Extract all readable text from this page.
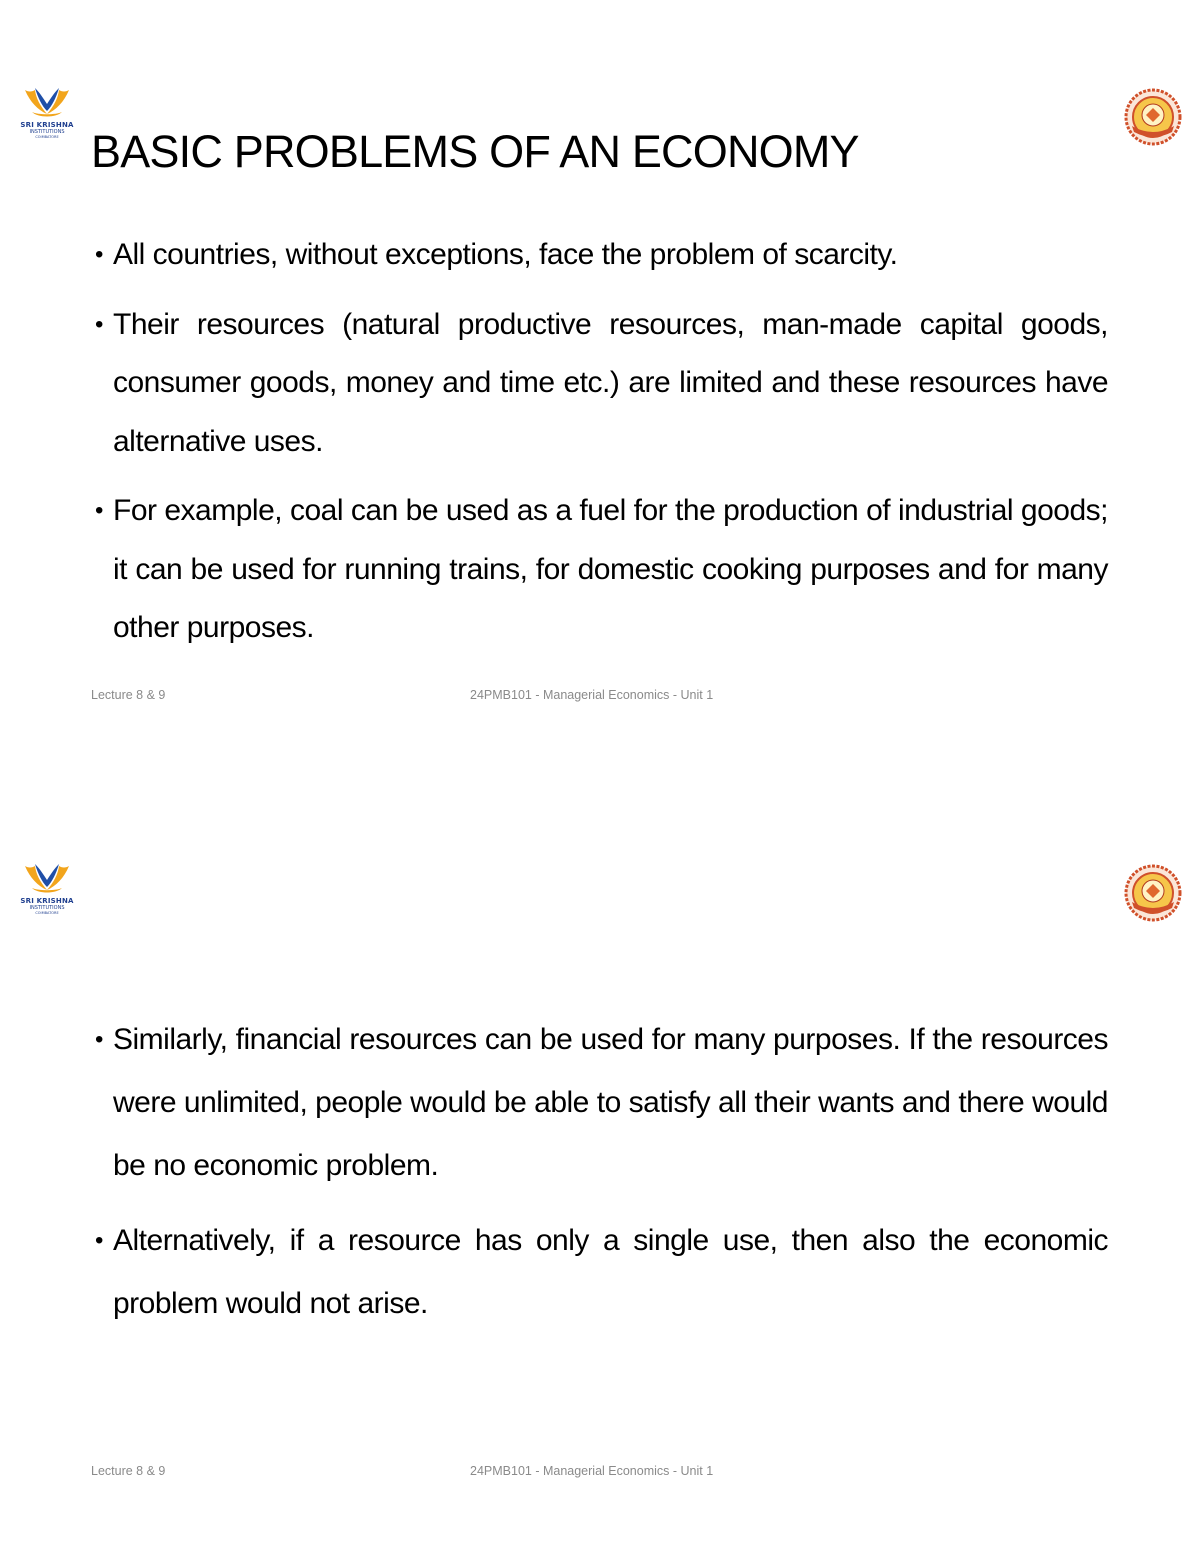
SRI KRISHNA
INSTITUTIONS
COIMBATORE BASIC PROBLEMS OF AN ECONOMY
• All countries, without exceptions, face the problem of scarcity.
• Their resources (natural productive resources, man-made capital goods, consumer goods, money and time etc.) are limited and these resources have alternative uses.
• For example, coal can be used as a fuel for the production of industrial goods; it can be used for running trains, for domestic cooking purposes and for many other purposes.
Lecture 8 & 9	24PMB101 - Managerial Economics - Unit 1
SRI KRISHNA
INSTITUTIONS
COIMBATORE
• Similarly, financial resources can be used for many purposes. If the resources were unlimited, people would be able to satisfy all their wants and there would be no economic problem.
• Alternatively, if a resource has only a single use, then also the economic problem would not arise.
Lecture 8 & 9	24PMB101 - Managerial Economics - Unit 1
